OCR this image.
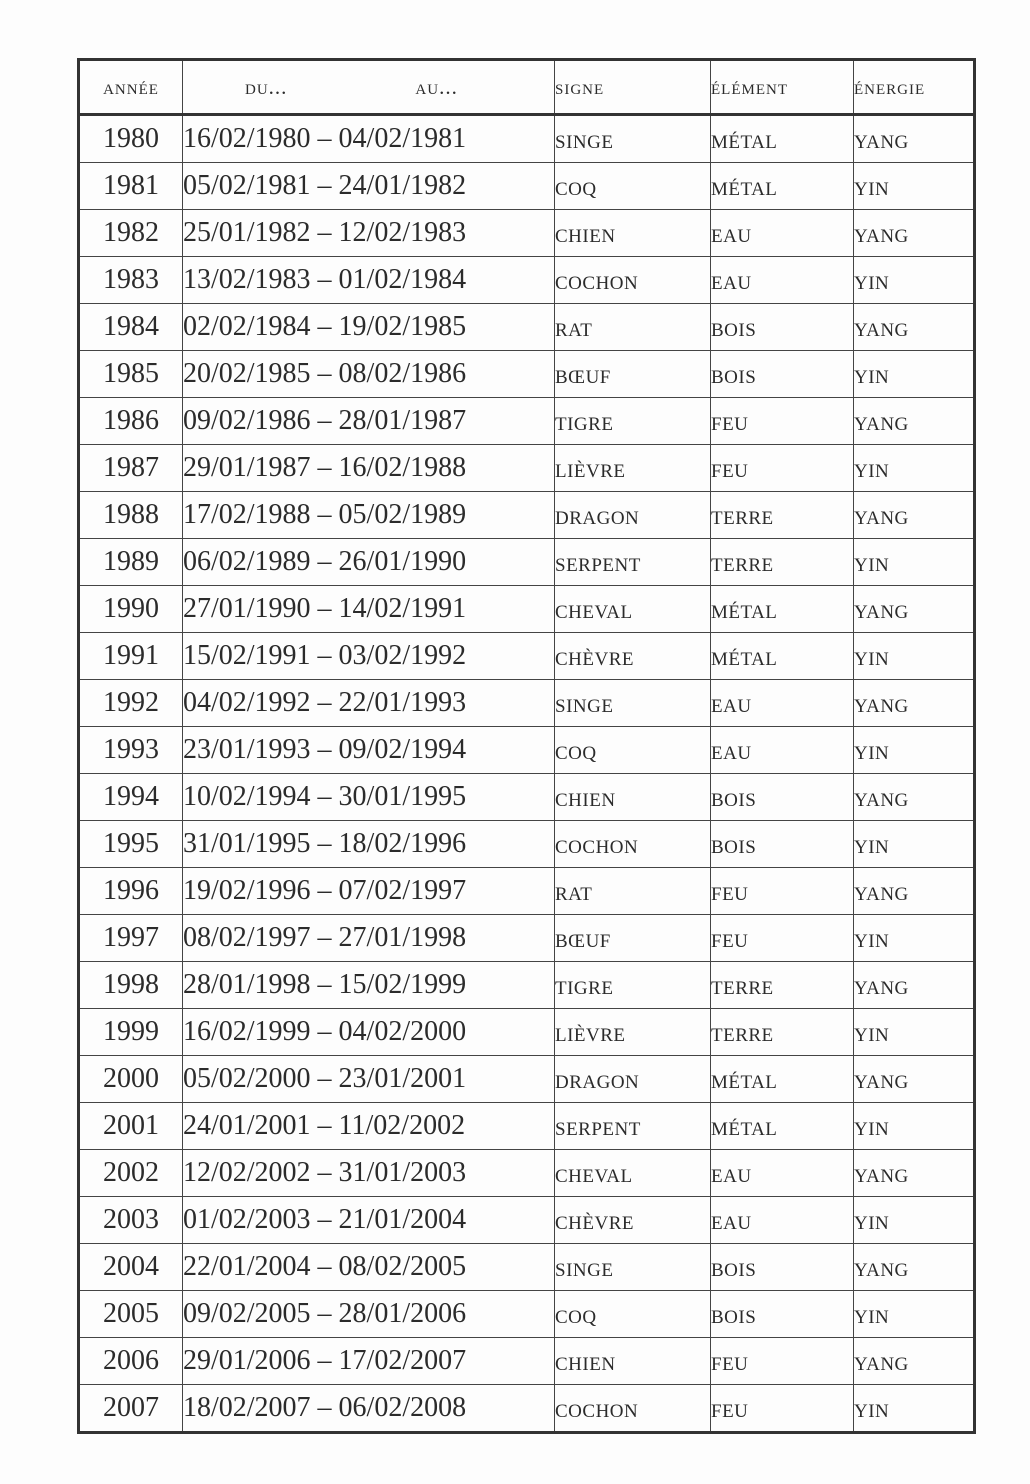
année	du... au...	signe	élément	énergie
1980	16/02/1980 – 04/02/1981	singe	métal	yang
1981	05/02/1981 – 24/01/1982	coq	métal	yin
1982	25/01/1982 – 12/02/1983	chien	eau	yang
1983	13/02/1983 – 01/02/1984	cochon	eau	yin
1984	02/02/1984 – 19/02/1985	rat	bois	yang
1985	20/02/1985 – 08/02/1986	bœuf	bois	yin
1986	09/02/1986 – 28/01/1987	tigre	feu	yang
1987	29/01/1987 – 16/02/1988	lièvre	feu	yin
1988	17/02/1988 – 05/02/1989	dragon	terre	yang
1989	06/02/1989 – 26/01/1990	serpent	terre	yin
1990	27/01/1990 – 14/02/1991	cheval	métal	yang
1991	15/02/1991 – 03/02/1992	chèvre	métal	yin
1992	04/02/1992 – 22/01/1993	singe	eau	yang
1993	23/01/1993 – 09/02/1994	coq	eau	yin
1994	10/02/1994 – 30/01/1995	chien	bois	yang
1995	31/01/1995 – 18/02/1996	cochon	bois	yin
1996	19/02/1996 – 07/02/1997	rat	feu	yang
1997	08/02/1997 – 27/01/1998	bœuf	feu	yin
1998	28/01/1998 – 15/02/1999	tigre	terre	yang
1999	16/02/1999 – 04/02/2000	lièvre	terre	yin
2000	05/02/2000 – 23/01/2001	dragon	métal	yang
2001	24/01/2001 – 11/02/2002	serpent	métal	yin
2002	12/02/2002 – 31/01/2003	cheval	eau	yang
2003	01/02/2003 – 21/01/2004	chèvre	eau	yin
2004	22/01/2004 – 08/02/2005	singe	bois	yang
2005	09/02/2005 – 28/01/2006	coq	bois	yin
2006	29/01/2006 – 17/02/2007	chien	feu	yang
2007	18/02/2007 – 06/02/2008	cochon	feu	yin
